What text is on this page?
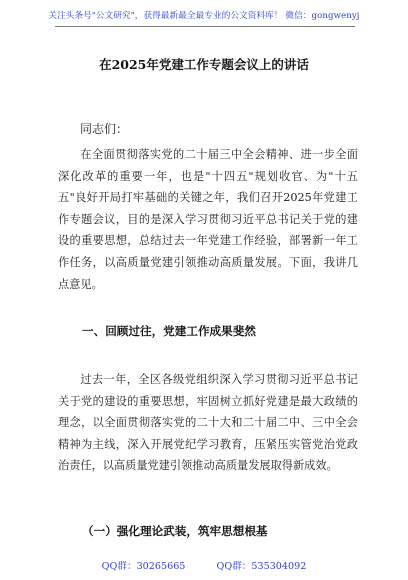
关注头条号"公文研究"，获得最新最全最专业的公文资料库！ 微信：gongwenyj
在2025年党建工作专题会议上的讲话
同志们：
在全面贯彻落实党的二十届三中全会精神、进一步全面深化改革的重要一年，也是"十四五"规划收官、为"十五五"良好开局打牢基础的关键之年，我们召开2025年党建工作专题会议，目的是深入学习贯彻习近平总书记关于党的建设的重要思想，总结过去一年党建工作经验，部署新一年工作任务，以高质量党建引领推动高质量发展。下面，我讲几点意见。
一、回顾过往，党建工作成果斐然
过去一年，全区各级党组织深入学习贯彻习近平总书记关于党的建设的重要思想，牢固树立抓好党建是最大政绩的理念，以全面贯彻落实党的二十大和二十届二中、三中全会精神为主线，深入开展党纪学习教育，压紧压实管党治党政治责任，以高质量党建引领推动高质量发展取得新成效。
（一）强化理论武装，筑牢思想根基
QQ群：30265665	QQ群：535304092
